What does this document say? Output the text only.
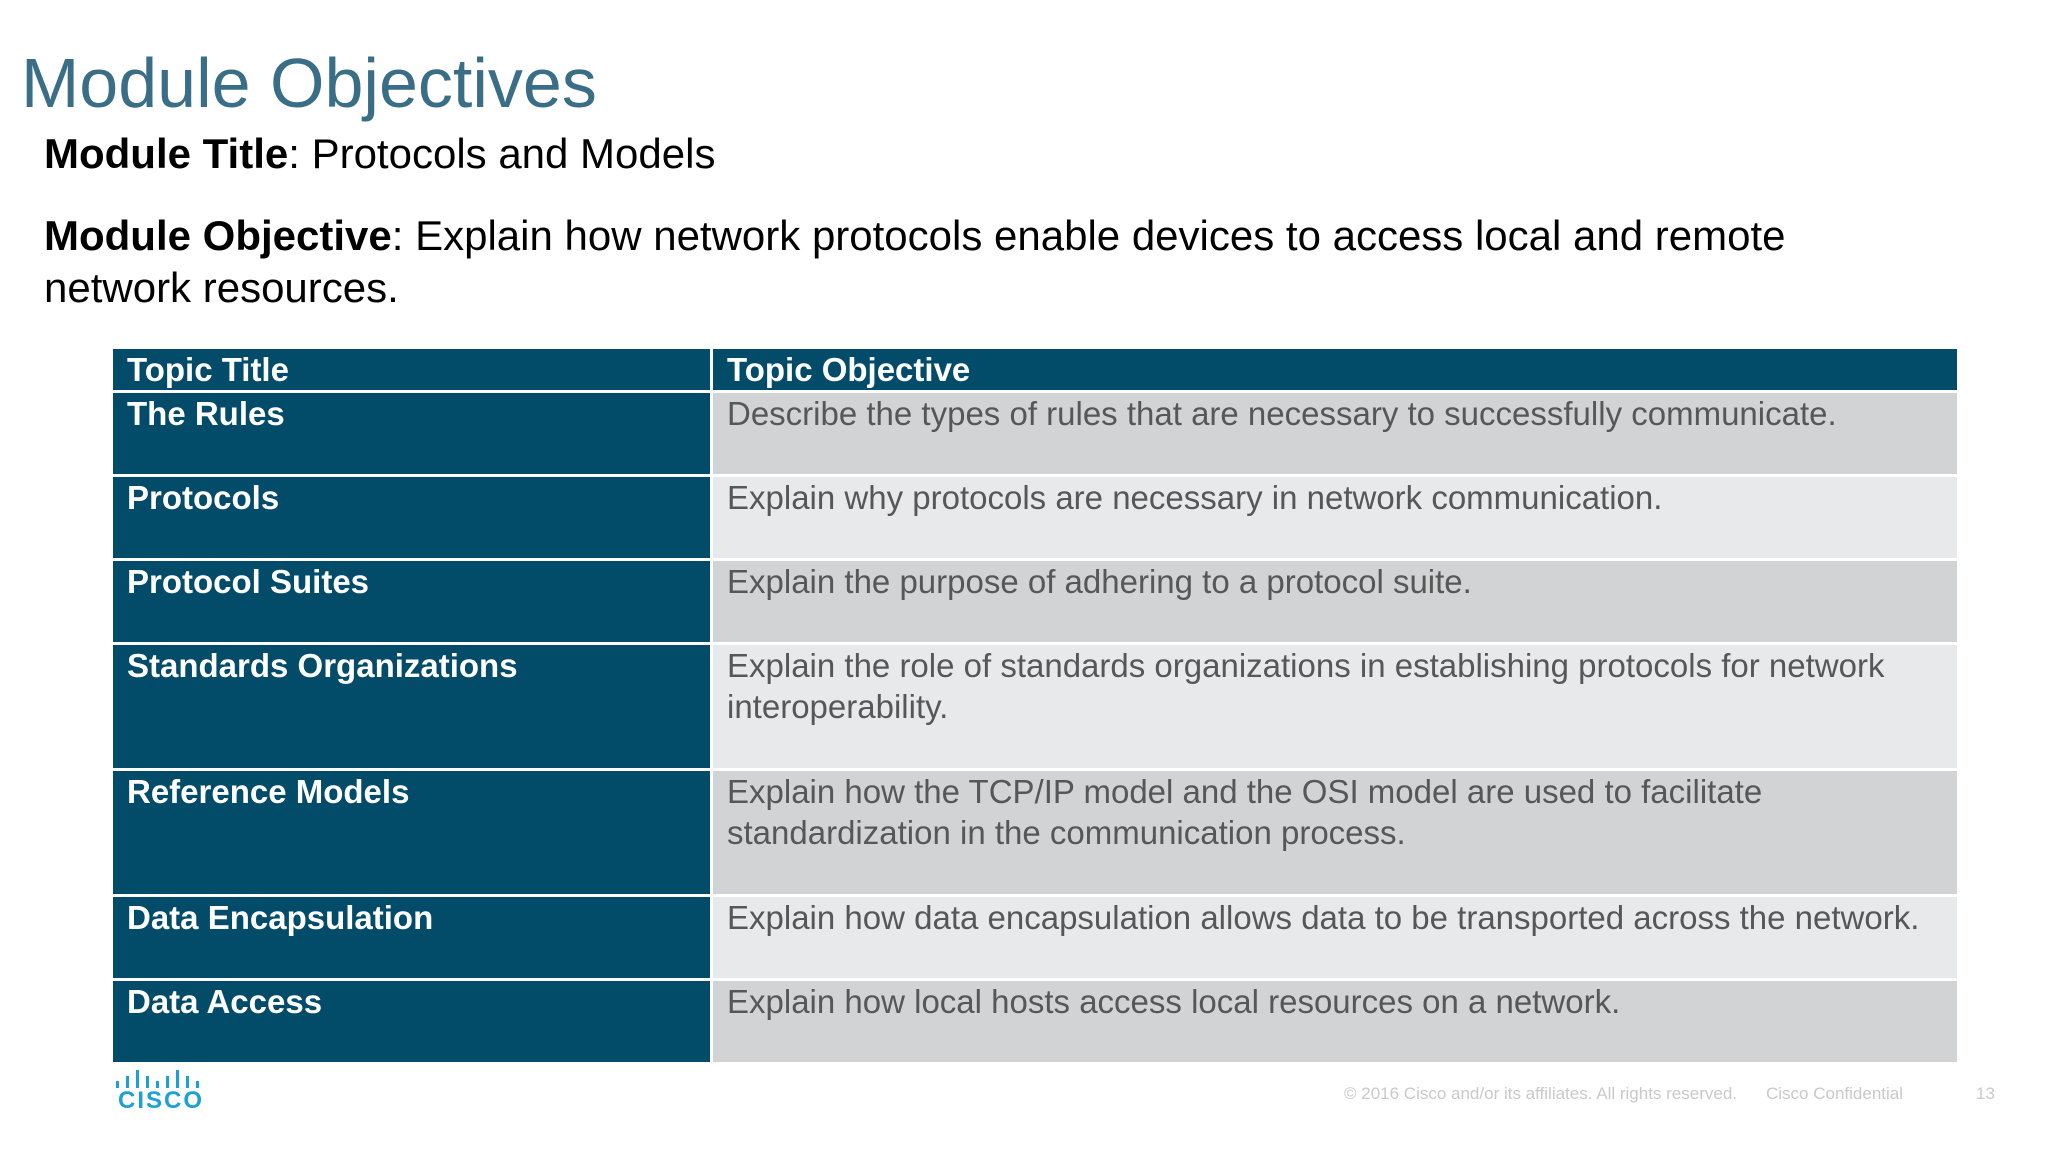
Module Objectives

Module Title: Protocols and Models

Module Objective: Explain how network protocols enable devices to access local and remote network resources.

Topic Title	Topic Objective
The Rules	Describe the types of rules that are necessary to successfully communicate.
Protocols	Explain why protocols are necessary in network communication.
Protocol Suites	Explain the purpose of adhering to a protocol suite.
Standards Organizations	Explain the role of standards organizations in establishing protocols for network interoperability.
Reference Models	Explain how the TCP/IP model and the OSI model are used to facilitate standardization in the communication process.
Data Encapsulation	Explain how data encapsulation allows data to be transported across the network.
Data Access	Explain how local hosts access local resources on a network.
CISCO	© 2016 Cisco and/or its affiliates. All rights reserved. Cisco Confidential	13
